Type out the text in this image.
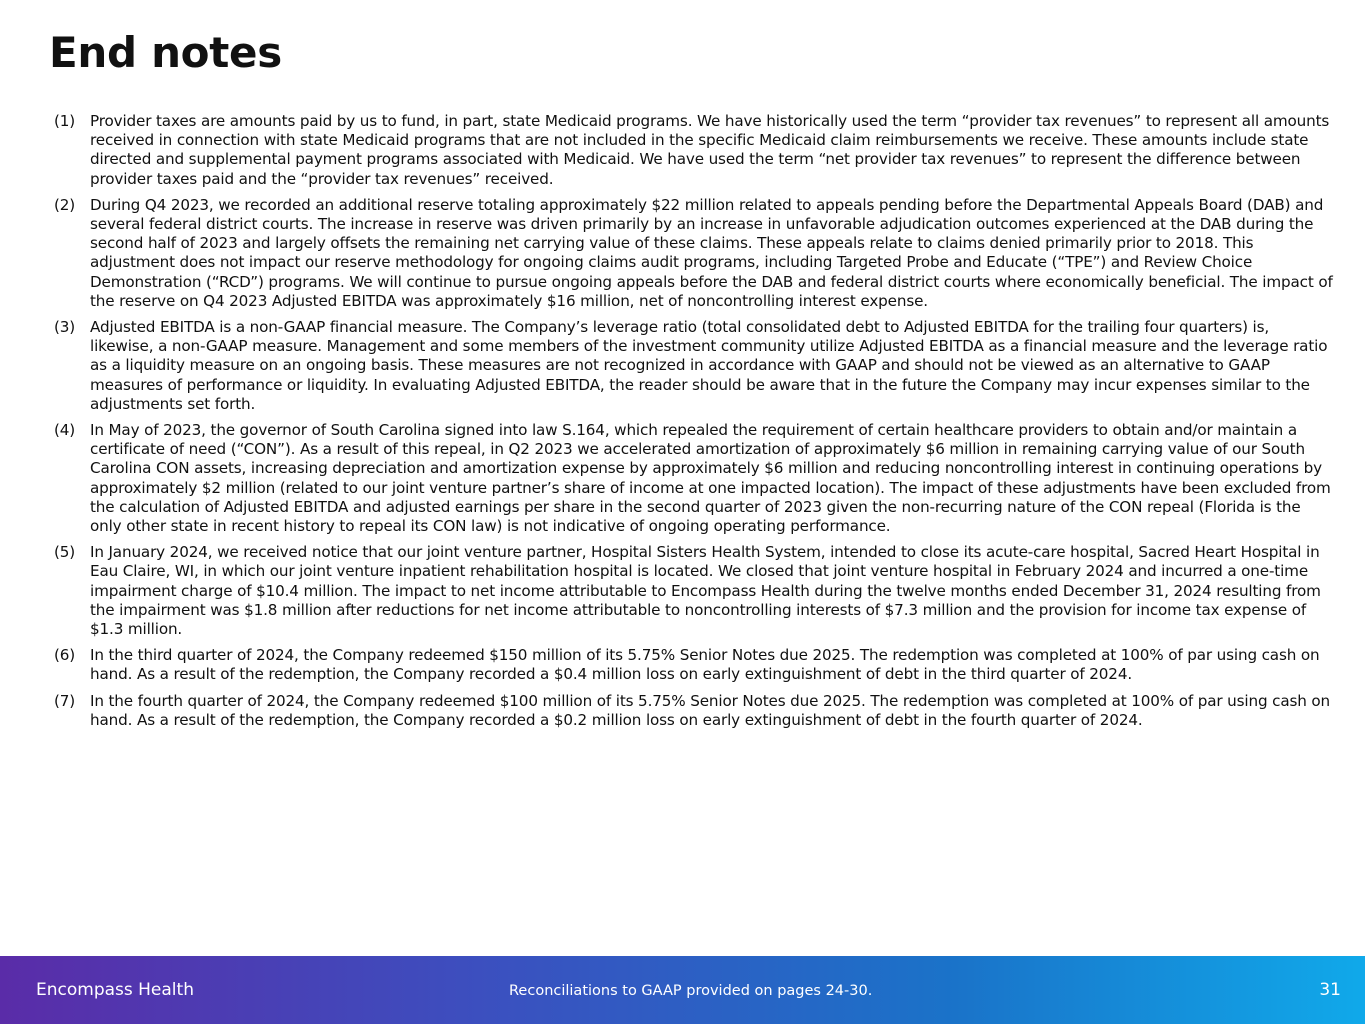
End notes
(1) Provider taxes are amounts paid by us to fund, in part, state Medicaid programs. We have historically used the term “provider tax revenues” to represent all amounts received in connection with state Medicaid programs that are not included in the specific Medicaid claim reimbursements we receive. These amounts include state directed and supplemental payment programs associated with Medicaid. We have used the term “net provider tax revenues” to represent the difference between provider taxes paid and the “provider tax revenues” received.
(2) During Q4 2023, we recorded an additional reserve totaling approximately $22 million related to appeals pending before the Departmental Appeals Board (DAB) and several federal district courts. The increase in reserve was driven primarily by an increase in unfavorable adjudication outcomes experienced at the DAB during the second half of 2023 and largely offsets the remaining net carrying value of these claims. These appeals relate to claims denied primarily prior to 2018. This adjustment does not impact our reserve methodology for ongoing claims audit programs, including Targeted Probe and Educate (“TPE”) and Review Choice Demonstration (“RCD”) programs. We will continue to pursue ongoing appeals before the DAB and federal district courts where economically beneficial. The impact of the reserve on Q4 2023 Adjusted EBITDA was approximately $16 million, net of noncontrolling interest expense.
(3) Adjusted EBITDA is a non-GAAP financial measure. The Company’s leverage ratio (total consolidated debt to Adjusted EBITDA for the trailing four quarters) is, likewise, a non-GAAP measure. Management and some members of the investment community utilize Adjusted EBITDA as a financial measure and the leverage ratio as a liquidity measure on an ongoing basis. These measures are not recognized in accordance with GAAP and should not be viewed as an alternative to GAAP measures of performance or liquidity. In evaluating Adjusted EBITDA, the reader should be aware that in the future the Company may incur expenses similar to the adjustments set forth.
(4) In May of 2023, the governor of South Carolina signed into law S.164, which repealed the requirement of certain healthcare providers to obtain and/or maintain a certificate of need (“CON”). As a result of this repeal, in Q2 2023 we accelerated amortization of approximately $6 million in remaining carrying value of our South Carolina CON assets, increasing depreciation and amortization expense by approximately $6 million and reducing noncontrolling interest in continuing operations by approximately $2 million (related to our joint venture partner’s share of income at one impacted location). The impact of these adjustments have been excluded from the calculation of Adjusted EBITDA and adjusted earnings per share in the second quarter of 2023 given the non-recurring nature of the CON repeal (Florida is the only other state in recent history to repeal its CON law) is not indicative of ongoing operating performance.
(5) In January 2024, we received notice that our joint venture partner, Hospital Sisters Health System, intended to close its acute-care hospital, Sacred Heart Hospital in Eau Claire, WI, in which our joint venture inpatient rehabilitation hospital is located. We closed that joint venture hospital in February 2024 and incurred a one-time impairment charge of $10.4 million. The impact to net income attributable to Encompass Health during the twelve months ended December 31, 2024 resulting from the impairment was $1.8 million after reductions for net income attributable to noncontrolling interests of $7.3 million and the provision for income tax expense of $1.3 million.
(6) In the third quarter of 2024, the Company redeemed $150 million of its 5.75% Senior Notes due 2025. The redemption was completed at 100% of par using cash on hand. As a result of the redemption, the Company recorded a $0.4 million loss on early extinguishment of debt in the third quarter of 2024.
(7) In the fourth quarter of 2024, the Company redeemed $100 million of its 5.75% Senior Notes due 2025. The redemption was completed at 100% of par using cash on hand. As a result of the redemption, the Company recorded a $0.2 million loss on early extinguishment of debt in the fourth quarter of 2024.
Encompass Health	Reconciliations to GAAP provided on pages 24-30.	31
